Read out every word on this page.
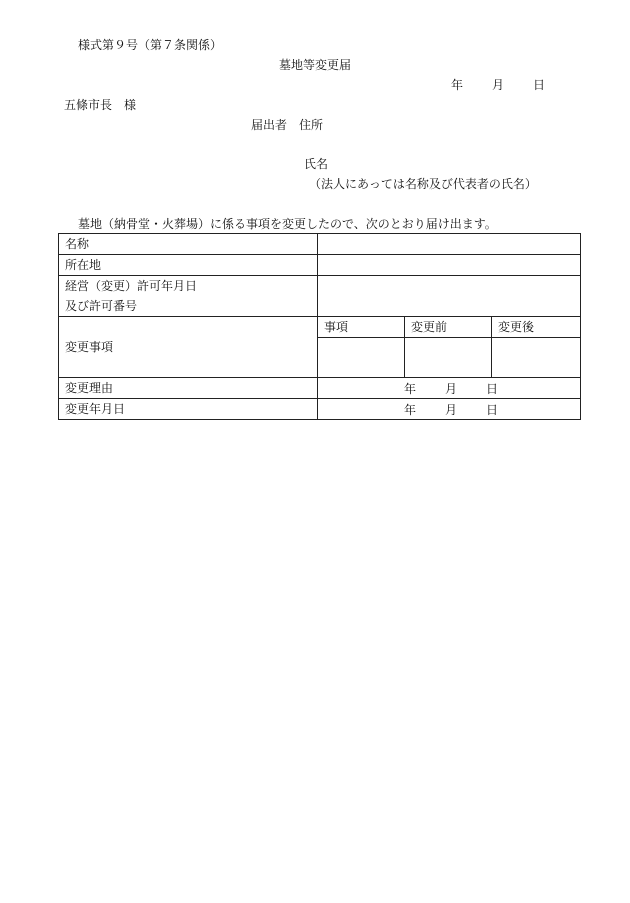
様式第９号（第７条関係）
墓地等変更届
年 月 日
五條市長　様
届出者　住所
氏名
（法人にあっては名称及び代表者の氏名）
墓地（納骨堂・火葬場）に係る事項を変更したので、次のとおり届け出ます。
名称			
所在地			

経営（変更）許可年月日
及び許可番号			

変更事項	事項	変更前	変更後

変更理由	年 月 日		

変更年月日	年 月 日		
